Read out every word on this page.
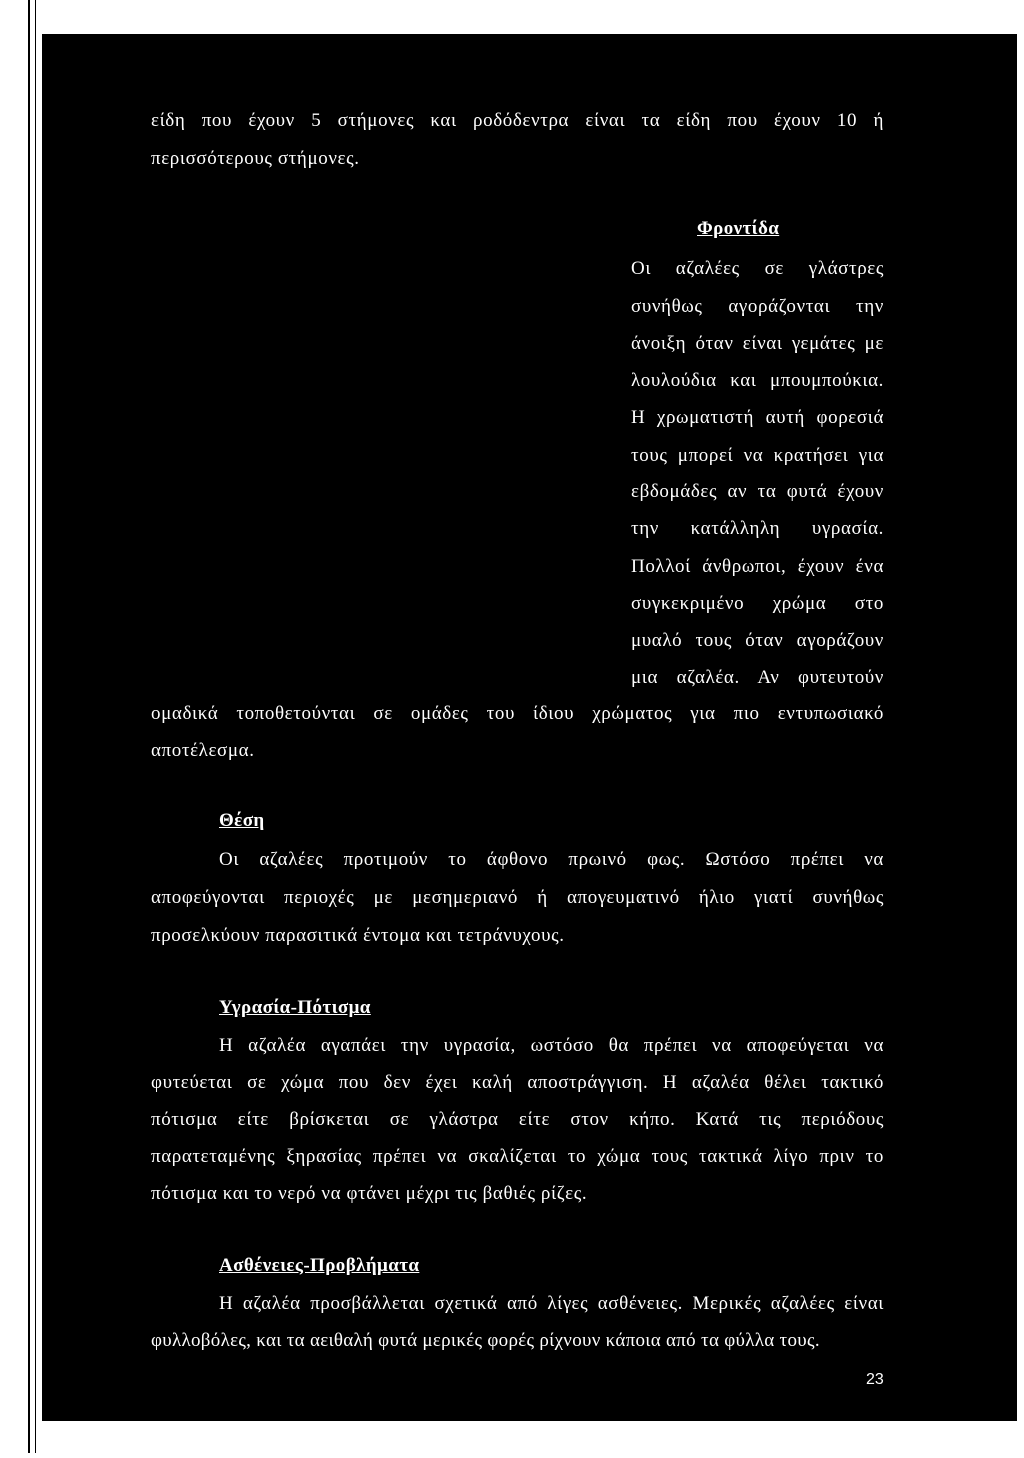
είδη που έχουν 5 στήμονες και ροδόδεντρα είναι τα είδη που έχουν 10 ή
περισσότερους στήμονες.
Φροντίδα
Οι αζαλέες σε γλάστρες
συνήθως αγοράζονται την
άνοιξη όταν είναι γεμάτες με
λουλούδια και μπουμπούκια.
Η χρωματιστή αυτή φορεσιά
τους μπορεί να κρατήσει για
εβδομάδες αν τα φυτά έχουν
την κατάλληλη υγρασία.
Πολλοί άνθρωποι, έχουν ένα
συγκεκριμένο χρώμα στο
μυαλό τους όταν αγοράζουν
μια αζαλέα. Αν φυτευτούν
ομαδικά τοποθετούνται σε ομάδες του ίδιου χρώματος για πιο εντυπωσιακό
αποτέλεσμα.
Θέση
Οι αζαλέες προτιμούν το άφθονο πρωινό φως. Ωστόσο πρέπει να
αποφεύγονται περιοχές με μεσημεριανό ή απογευματινό ήλιο γιατί συνήθως
προσελκύουν παρασιτικά έντομα και τετράνυχους.
Υγρασία-Πότισμα
Η αζαλέα αγαπάει την υγρασία, ωστόσο θα πρέπει να αποφεύγεται να
φυτεύεται σε χώμα που δεν έχει καλή αποστράγγιση. Η αζαλέα θέλει τακτικό
πότισμα είτε βρίσκεται σε γλάστρα είτε στον κήπο. Κατά τις περιόδους
παρατεταμένης ξηρασίας πρέπει να σκαλίζεται το χώμα τους τακτικά λίγο πριν το
πότισμα και το νερό να φτάνει μέχρι τις βαθιές ρίζες.
Ασθένειες-Προβλήματα
Η αζαλέα προσβάλλεται σχετικά από λίγες ασθένειες. Μερικές αζαλέες είναι
φυλλοβόλες, και τα αειθαλή φυτά μερικές φορές ρίχνουν κάποια από τα φύλλα τους.
23
